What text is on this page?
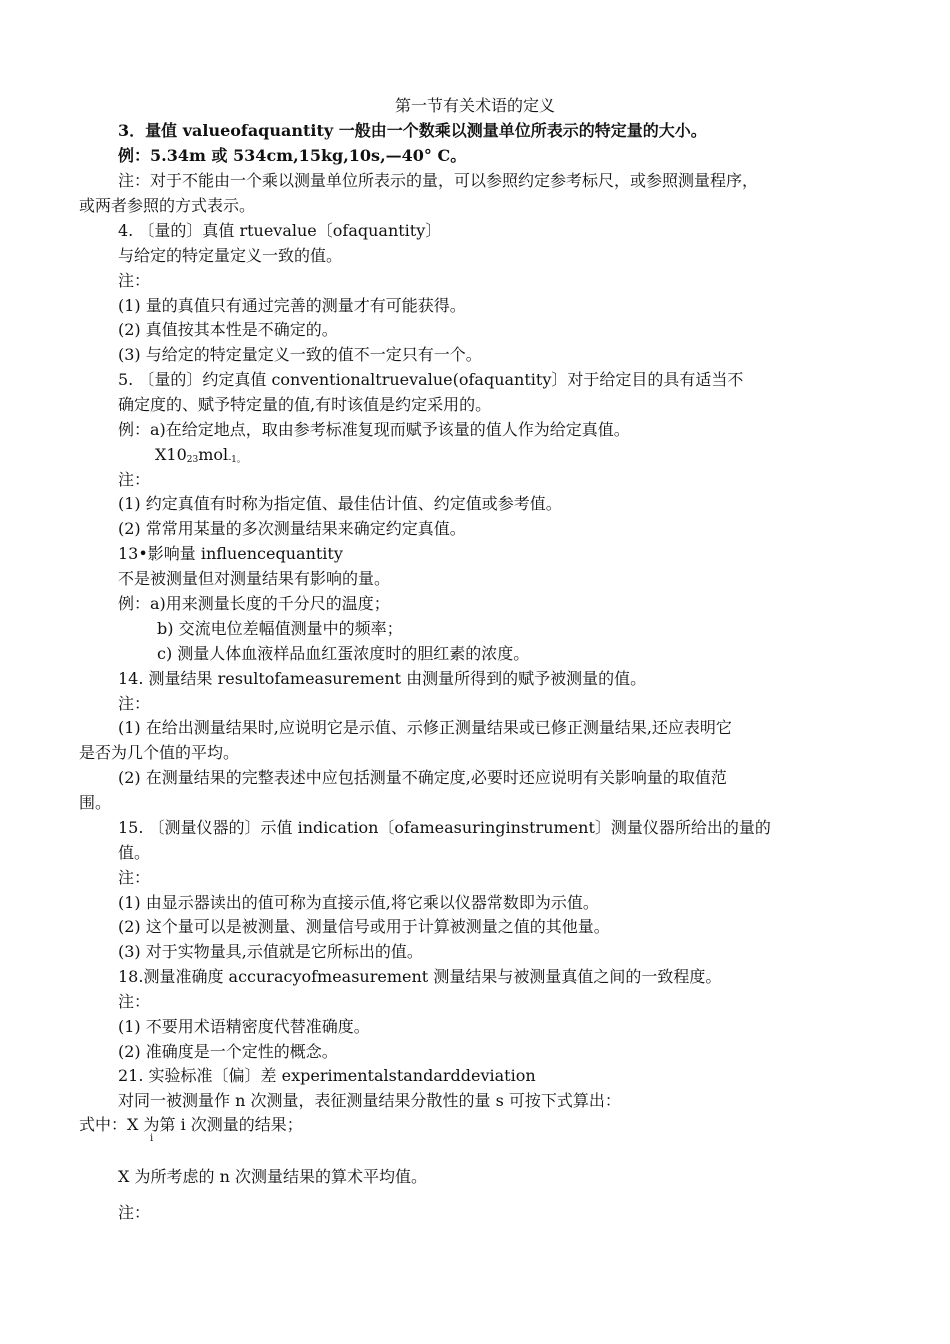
第一节有关术语的定义
3．量值 valueofaquantity 一般由一个数乘以测量单位所表示的特定量的大小。
例：5.34m 或 534cm,15kg,10s,—40° C。
注：对于不能由一个乘以测量单位所表示的量，可以参照约定参考标尺，或参照测量程序，
或两者参照的方式表示。
4. 〔量的〕真值 rtuevalue〔ofaquantity〕
与给定的特定量定义一致的值。
注：
(1) 量的真值只有通过完善的测量才有可能获得。
(2) 真值按其本性是不确定的。
(3) 与给定的特定量定义一致的值不一定只有一个。
5. 〔量的〕约定真值 conventionaltruevalue(ofaquantity〕对于给定目的具有适当不
确定度的、赋予特定量的值,有时该值是约定采用的。
例：a)在给定地点，取由参考标准复现而赋予该量的值人作为给定真值。
$X10_{23}mol_{-1。}$
注：
(1) 约定真值有时称为指定值、最佳估计值、约定值或参考值。
(2) 常常用某量的多次测量结果来确定约定真值。
13•影响量 influencequantity
不是被测量但对测量结果有影响的量。
例：a)用来测量长度的千分尺的温度；
b) 交流电位差幅值测量中的频率；
c) 测量人体血液样品血红蛋浓度时的胆红素的浓度。
14. 测量结果 resultofameasurement 由测量所得到的赋予被测量的值。
注：
(1) 在给出测量结果时,应说明它是示值、示修正测量结果或已修正测量结果,还应表明它
是否为几个值的平均。
(2) 在测量结果的完整表述中应包括测量不确定度,必要时还应说明有关影响量的取值范
围。
15. 〔测量仪器的〕示值 indication〔ofameasuringinstrument〕测量仪器所给出的量的
值。
注：
(1) 由显示器读出的值可称为直接示值,将它乘以仪器常数即为示值。
(2) 这个量可以是被测量、测量信号或用于计算被测量之值的其他量。
(3) 对于实物量具,示值就是它所标出的值。
18.测量准确度 accuracyofmeasurement 测量结果与被测量真值之间的一致程度。
注：
(1) 不要用术语精密度代替准确度。
(2) 准确度是一个定性的概念。
21. 实验标准〔偏〕差 experimentalstandarddeviation
对同一被测量作 n 次测量，表征测量结果分散性的量 s 可按下式算出：
式中：X 为第 i 次测量的结果；
i
X 为所考虑的 n 次测量结果的算术平均值。
注：
